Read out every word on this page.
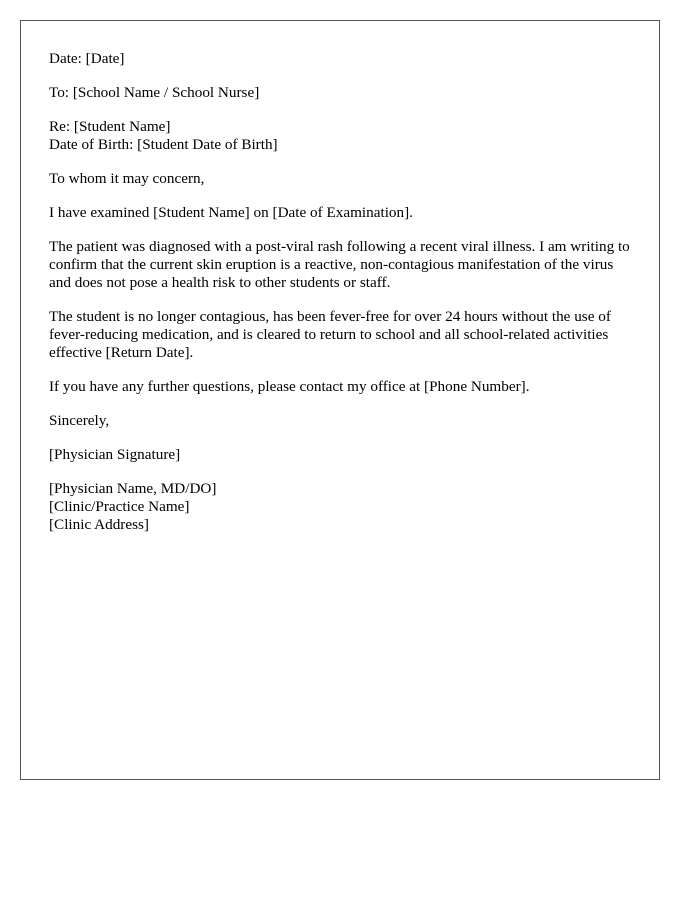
Date: [Date]

To: [School Name / School Nurse]

Re: [Student Name]
Date of Birth: [Student Date of Birth]

To whom it may concern,

I have examined [Student Name] on [Date of Examination].

The patient was diagnosed with a post-viral rash following a recent viral illness. I am writing to confirm that the current skin eruption is a reactive, non-contagious manifestation of the virus and does not pose a health risk to other students or staff.

The student is no longer contagious, has been fever-free for over 24 hours without the use of fever-reducing medication, and is cleared to return to school and all school-related activities effective [Return Date].

If you have any further questions, please contact my office at [Phone Number].

Sincerely,

[Physician Signature]

[Physician Name, MD/DO]
[Clinic/Practice Name]
[Clinic Address]
